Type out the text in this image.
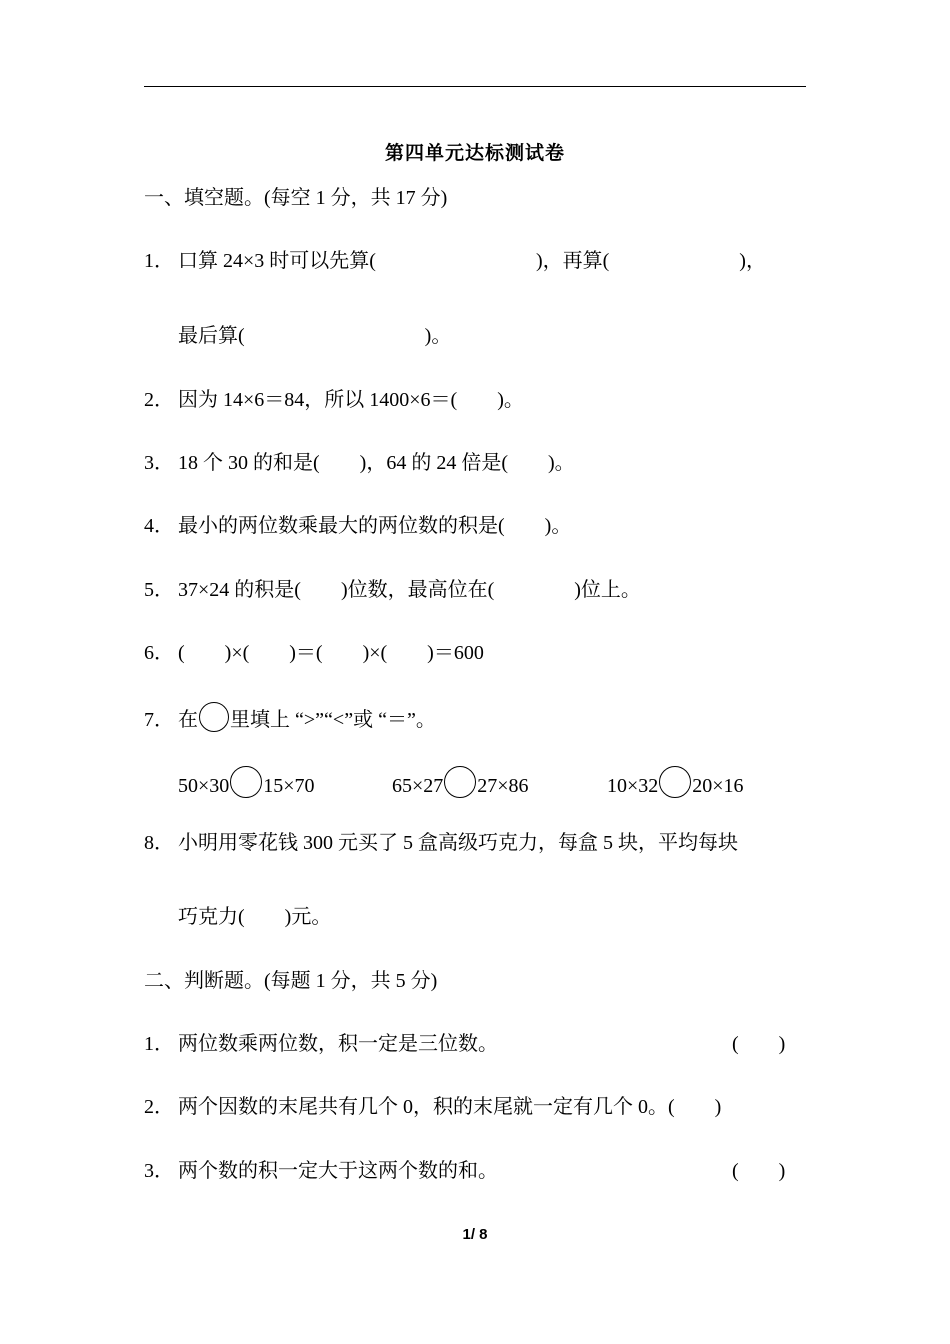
第四单元达标测试卷
一、填空题。(每空 1 分，共 17 分)
1． 口算 24×3 时可以先算(	)，再算(	)，
最后算(	)。
2． 因为 14×6＝84，所以 1400×6＝(        )。
3． 18 个 30 的和是(        )，64 的 24 倍是(        )。
4． 最小的两位数乘最大的两位数的积是(        )。
5． 37×24 的积是(        )位数，最高位在(                )位上。
6． (        )×(        )＝(        )×(        )＝600
7． 在 里填上 “>”“<”或 “＝”。
50×30 15×70	65×27 27×86	10×32 20×16
8． 小明用零花钱 300 元买了 5 盒高级巧克力，每盒 5 块，平均每块
巧克力(        )元。
二、判断题。(每题 1 分，共 5 分)
1． 两位数乘两位数，积一定是三位数。	(        )
2． 两个因数的末尾共有几个 0，积的末尾就一定有几个 0。(        )
3． 两个数的积一定大于这两个数的和。	(        )
1/ 8
